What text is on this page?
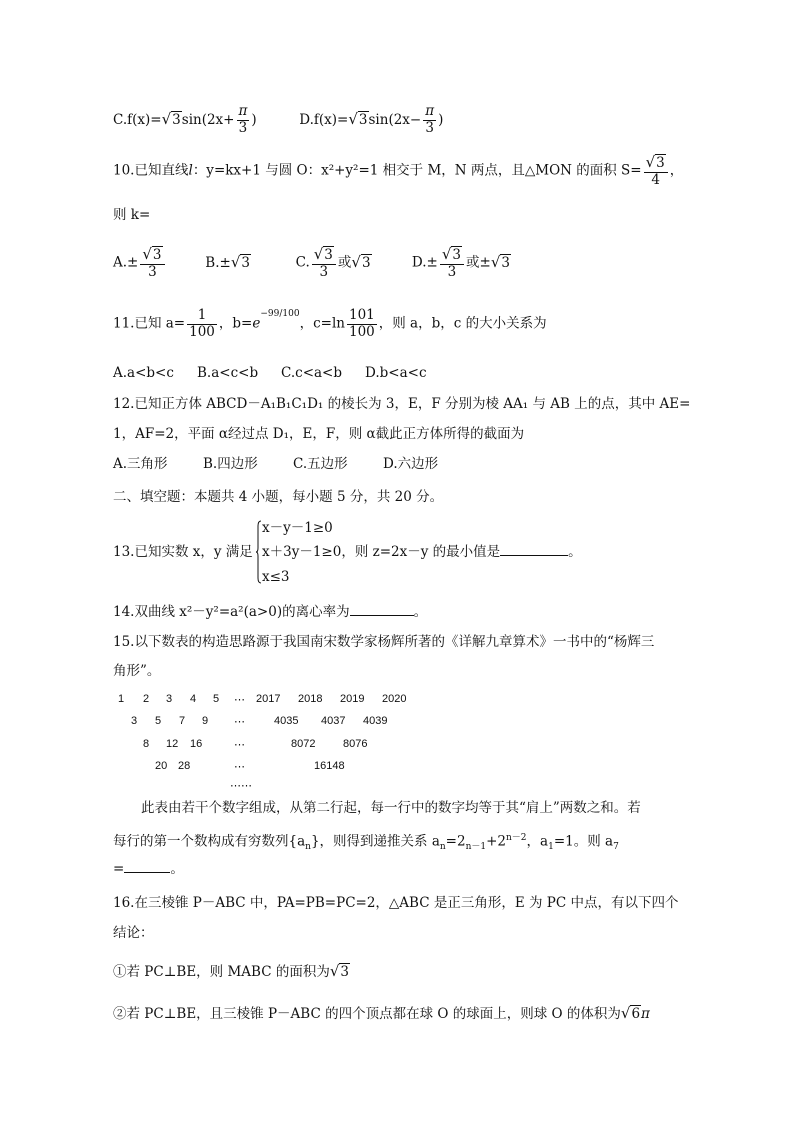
$C.f(x)=√3\sin(2x+ \frac{\pi}{3}$ )	$D.f(x)=√3\sin(2x- \frac{\pi}{3}$ )
10.已知直线l：y=kx+1 与圆 O：x²+y²=1 相交于 M，N 两点，且△MON 的面积 $S= \frac{√3}{4}$ ，
则 k=
$A.\pm \frac{√3}{3}$	B.±√3	C. $\frac{√3}{3}$ 或√3	$D.\pm \frac{√3}{3}$ 或±√3
11.已知 $a= \frac{1}{100}$ ，$b=e^{-99/100}$，$c=\ln \frac{101}{100}$ ，则 a，b，c 的大小关系为
A.a<b<c B.a<c<b C.c<a<b D.b<a<c
12.已知正方体 ABCD－A₁B₁C₁D₁ 的棱长为 3，E，F 分别为棱 AA₁ 与 AB 上的点，其中 AE=
1，AF=2，平面 α经过点 D₁，E，F，则 α截此正方体所得的截面为
A.三角形	B.四边形	C.五边形	D.六边形
二、填空题：本题共 4 小题，每小题 5 分，共 20 分。
13.已知实数 x，y 满足
x－y－1≥0
x＋3y－1≥0，则 z=2x－y 的最小值是	。
x≤3
14.双曲线 x²－y²=a²(a>0)的离心率为	。
15.以下数表的构造思路源于我国南宋数学家杨辉所著的《详解九章算术》一书中的“杨辉三
角形”。
1 2 3 4 5 ⋯ 2017 2018 2019 2020
3 5 7 9 ⋯	4035 4037 4039
8 12 16	⋯	8072	8076
20 28	⋯	16148
⋯⋯
此表由若干个数字组成，从第二行起，每一行中的数字均等于其“肩上”两数之和。若
每行的第一个数构成有穷数列$\{a_n\}$，则得到递推关系 $a_n=2_{n-1}+2^{n-2}$，$a_1=1$。则 $a_7$
=	。
16.在三棱锥 P－ABC 中，PA=PB=PC=2，△ABC 是正三角形，E 为 PC 中点，有以下四个
结论：
①若 PC⊥BE，则 MABC 的面积为√3
②若 PC⊥BE，且三棱锥 P－ABC 的四个顶点都在球 O 的球面上，则球 O 的体积为√6π
